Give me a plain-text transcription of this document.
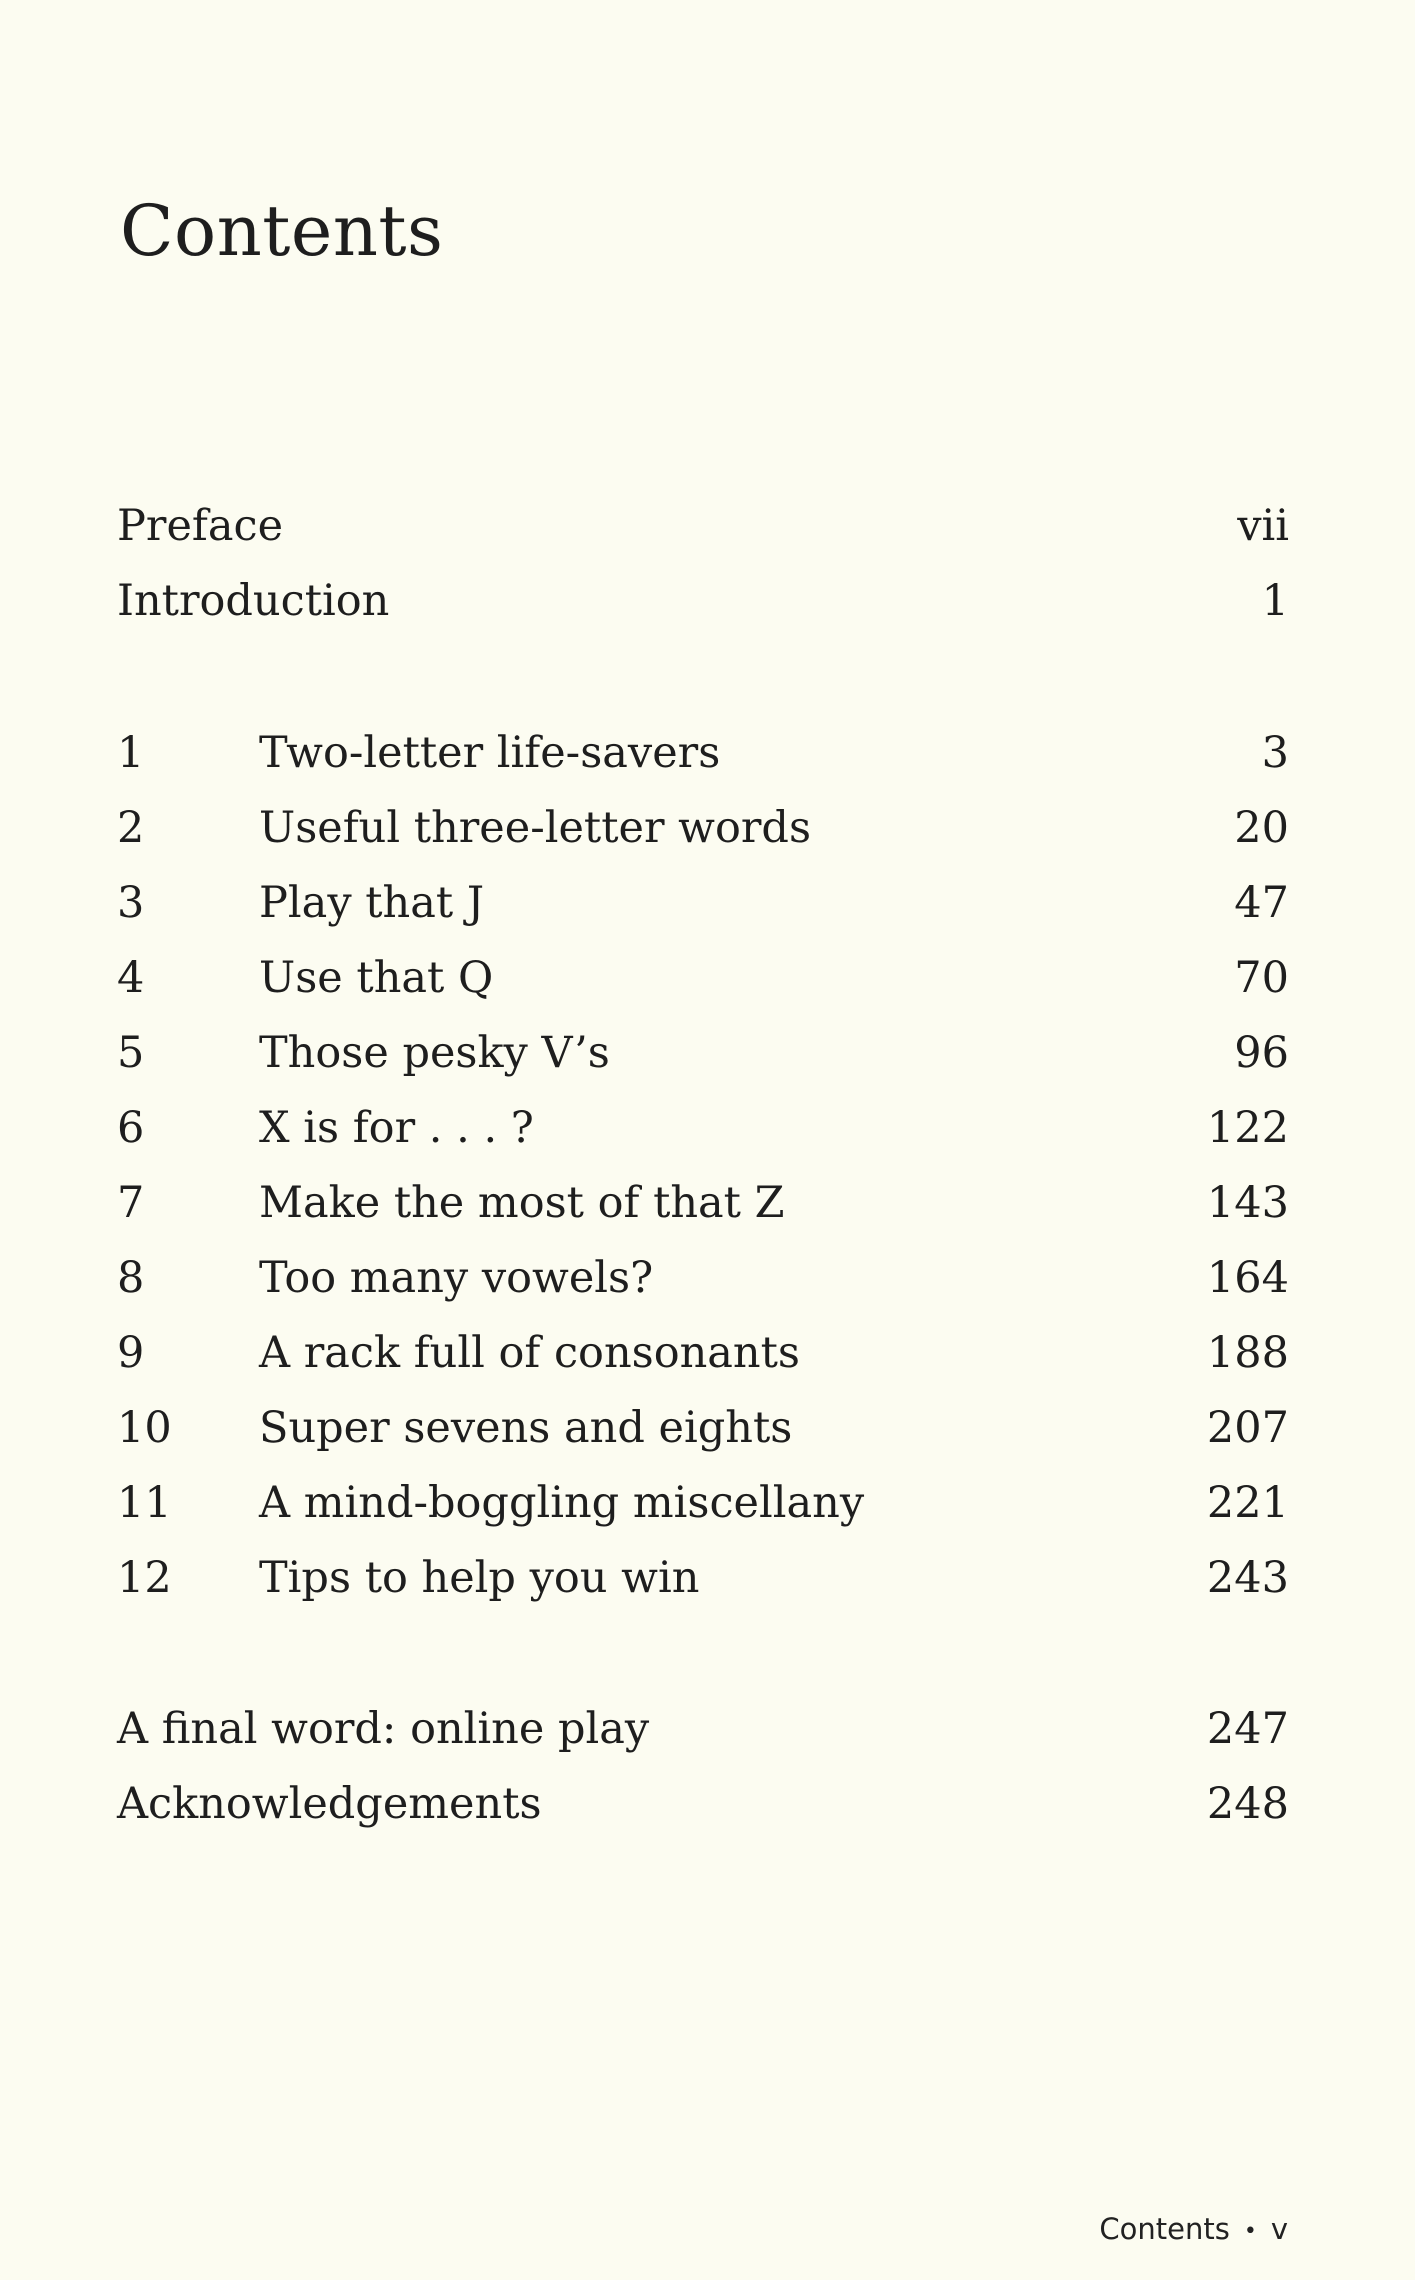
Contents
Preface	vii
Introduction	1
1	Two-letter life-savers	3
2	Useful three-letter words	20
3	Play that J	47
4	Use that Q	70
5	Those pesky V’s	96
6	X is for . . . ?	122
7	Make the most of that Z	143
8	Too many vowels?	164
9	A rack full of consonants	188
10 Super sevens and eights	207
11 A mind-boggling miscellany	221
12 Tips to help you win	243
A final word: online play	247
Acknowledgements	248
Contents • v
